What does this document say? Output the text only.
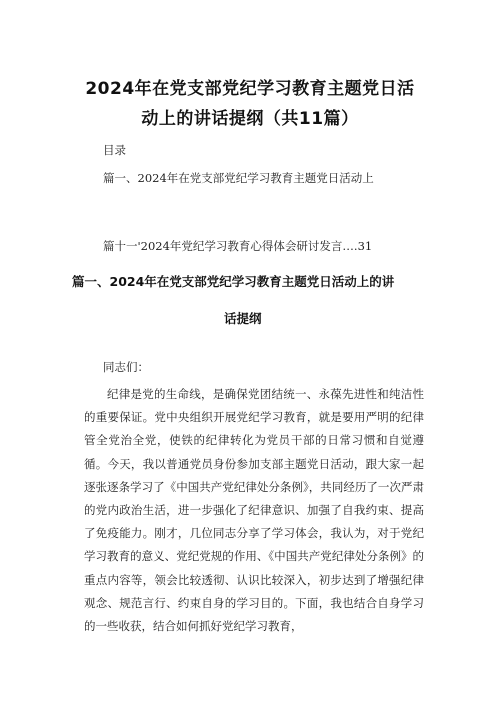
2024年在党支部党纪学习教育主题党日活
动上的讲话提纲（共11篇）
目录
篇一、2024年在党支部党纪学习教育主题党日活动上
篇十一'2024年党纪学习教育心得体会研讨发言….31
篇一、2024年在党支部党纪学习教育主题党日活动上的讲
话提纲
同志们：
纪律是党的生命线，是确保党团结统一、永葆先进性和纯洁性的重要保证。党中央组织开展党纪学习教育，就是要用严明的纪律管全党治全党，使铁的纪律转化为党员干部的日常习惯和自觉遵循。今天，我以普通党员身份参加支部主题党日活动，跟大家一起逐张逐条学习了《中国共产党纪律处分条例》，共同经历了一次严肃的党内政治生活，进一步强化了纪律意识、加强了自我约束、提高了免疫能力。刚才，几位同志分享了学习体会，我认为，对于党纪学习教育的意义、党纪党规的作用、《中国共产党纪律处分条例》的重点内容等，领会比较透彻、认识比较深入，初步达到了增强纪律观念、规范言行、约束自身的学习目的。下面，我也结合自身学习的一些收获，结合如何抓好党纪学习教育，
